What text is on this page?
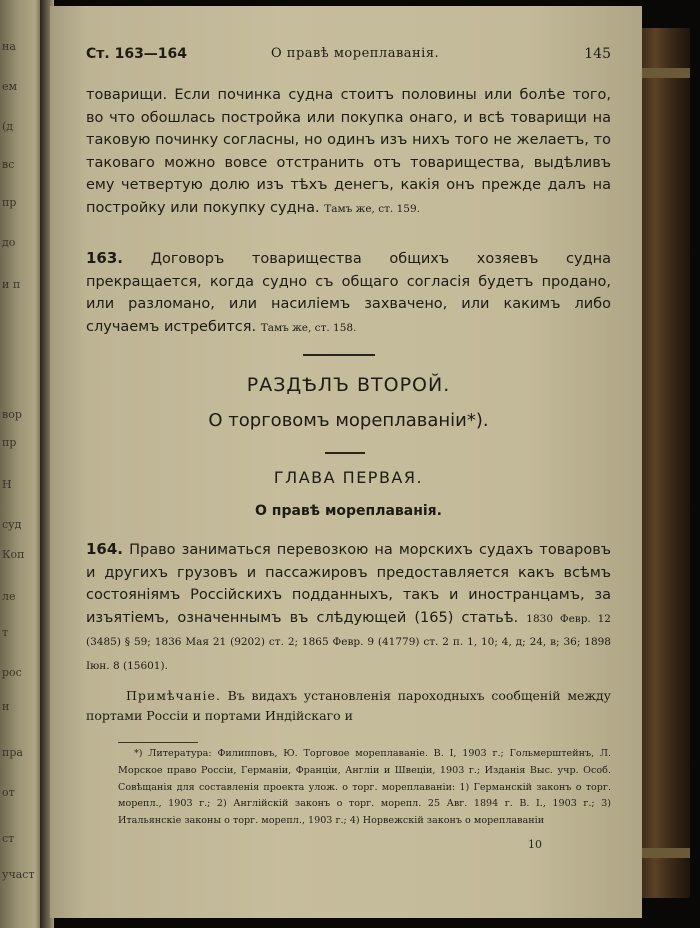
на
ем
(д
вс
пр
до
и п
вор
пр
Н
суд
Коп
ле
т
рос
н
пра
от
ст
участ
Ст. 163—164	О правѣ мореплаванія.	145
товарищи. Если починка судна стоитъ половины или болѣе того, во что обошлась постройка или покупка онаго, и всѣ товарищи на таковую починку согласны, но одинъ изъ нихъ того не желаетъ, то таковаго можно вовсе отстранить отъ товарищества, выдѣливъ ему четвертую долю изъ тѣхъ денегъ, какія онъ прежде далъ на постройку или покупку судна. Тамъ же, ст. 159.
163. Договоръ товарищества общихъ хозяевъ судна прекращается, когда судно съ общаго согласія будетъ продано, или разломано, или насиліемъ захвачено, или какимъ либо случаемъ истребится. Тамъ же, ст. 158.
РАЗДѢЛЪ ВТОРОЙ.
О торговомъ мореплаваніи*).
ГЛАВА ПЕРВАЯ.
О правѣ мореплаванія.
164. Право заниматься перевозкою на морскихъ судахъ товаровъ и другихъ грузовъ и пассажировъ предоставляется какъ всѣмъ состояніямъ Россійскихъ подданныхъ, такъ и иностранцамъ, за изъятіемъ, означеннымъ въ слѣдующей (165) статьѣ. 1830 Февр. 12 (3485) § 59; 1836 Мая 21 (9202) ст. 2; 1865 Февр. 9 (41779) ст. 2 п. 1, 10; 4, д; 24, в; 36; 1898 Іюн. 8 (15601).
Примѣчаніе. Въ видахъ установленія пароходныхъ сообщеній между портами Россіи и портами Индійскаго и
*) Литература: Филипповъ, Ю. Торговое мореплаваніе. В. I, 1903 г.; Гольмерштейнъ, Л. Морское право Россіи, Германіи, Франціи, Англіи и Швеціи, 1903 г.; Изданія Выс. учр. Особ. Совѣщанія для составленія проекта улож. о торг. мореплаваніи: 1) Германскій законъ о торг. морепл., 1903 г.; 2) Англійскій законъ о торг. морепл. 25 Авг. 1894 г. В. I., 1903 г.; 3) Итальянскіе законы о торг. морепл., 1903 г.; 4) Норвежскій законъ о мореплаваніи
10
